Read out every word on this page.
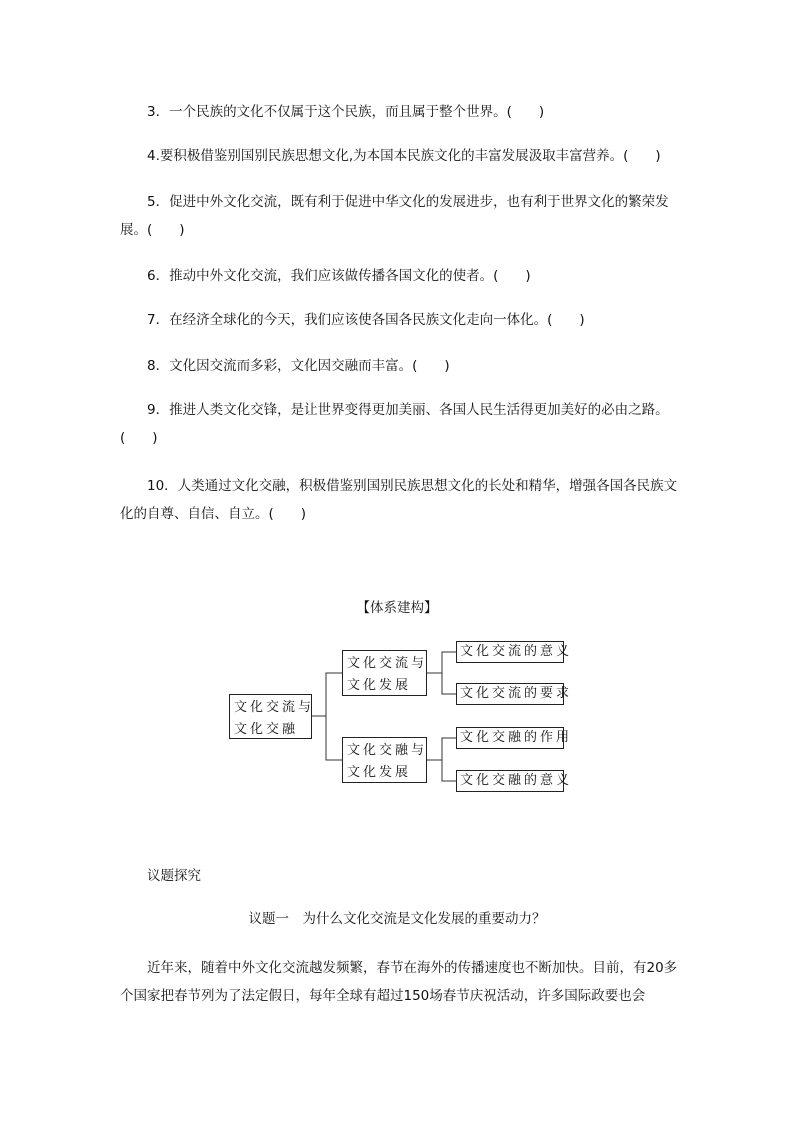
3．一个民族的文化不仅属于这个民族，而且属于整个世界。(　　)

4.要积极借鉴别国别民族思想文化,为本国本民族文化的丰富发展汲取丰富营养。(　　)

5．促进中外文化交流，既有利于促进中华文化的发展进步，也有利于世界文化的繁荣发展。(　　)

6．推动中外文化交流，我们应该做传播各国文化的使者。(　　)

7．在经济全球化的今天，我们应该使各国各民族文化走向一体化。(　　)

8．文化因交流而多彩，文化因交融而丰富。(　　)

9．推进人类文化交锋，是让世界变得更加美丽、各国人民生活得更加美好的必由之路。(　　)

10．人类通过文化交融，积极借鉴别国别民族思想文化的长处和精华，增强各国各民族文化的自尊、自信、自立。(　　)

【体系建构】

文化交流与
文化交融
文化交流与
文化发展
文化交融与
文化发展
文化交流的意义
文化交流的要求
文化交融的作用
文化交融的意义

议题探究

议题一　为什么文化交流是文化发展的重要动力？

近年来，随着中外文化交流越发频繁，春节在海外的传播速度也不断加快。目前，有20多个国家把春节列为了法定假日，每年全球有超过150场春节庆祝活动，许多国际政要也会
